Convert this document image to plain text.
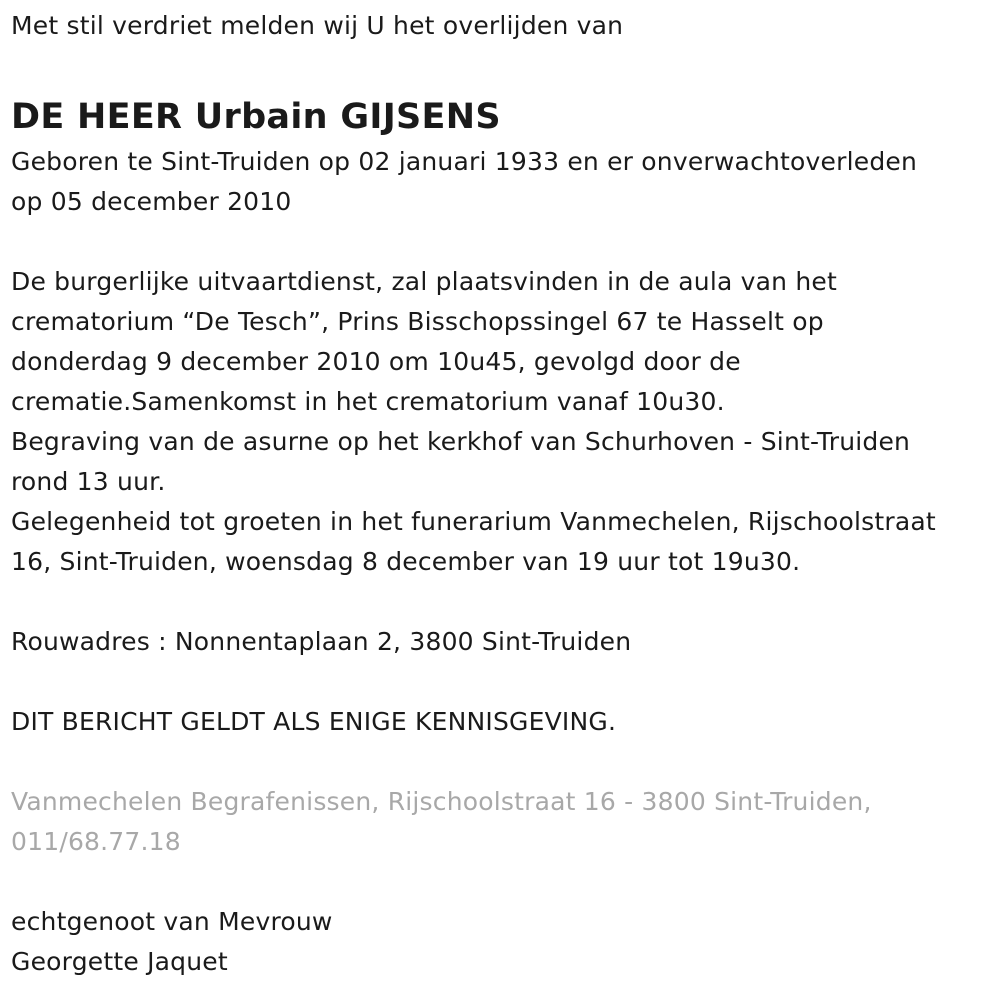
Met stil verdriet melden wij U het overlijden van
DE HEER Urbain GIJSENS
Geboren te Sint-Truiden op 02 januari 1933 en er onverwachtoverleden
op 05 december 2010
De burgerlijke uitvaartdienst, zal plaatsvinden in de aula van het
crematorium “De Tesch”, Prins Bisschopssingel 67 te Hasselt op
donderdag 9 december 2010 om 10u45, gevolgd door de
crematie.Samenkomst in het crematorium vanaf 10u30.
Begraving van de asurne op het kerkhof van Schurhoven - Sint-Truiden
rond 13 uur.
Gelegenheid tot groeten in het funerarium Vanmechelen, Rijschoolstraat
16, Sint-Truiden, woensdag 8 december van 19 uur tot 19u30.
Rouwadres : Nonnentaplaan 2, 3800 Sint-Truiden
DIT BERICHT GELDT ALS ENIGE KENNISGEVING.
Vanmechelen Begrafenissen, Rijschoolstraat 16 - 3800 Sint-Truiden,
011/68.77.18
echtgenoot van Mevrouw
Georgette Jaquet
